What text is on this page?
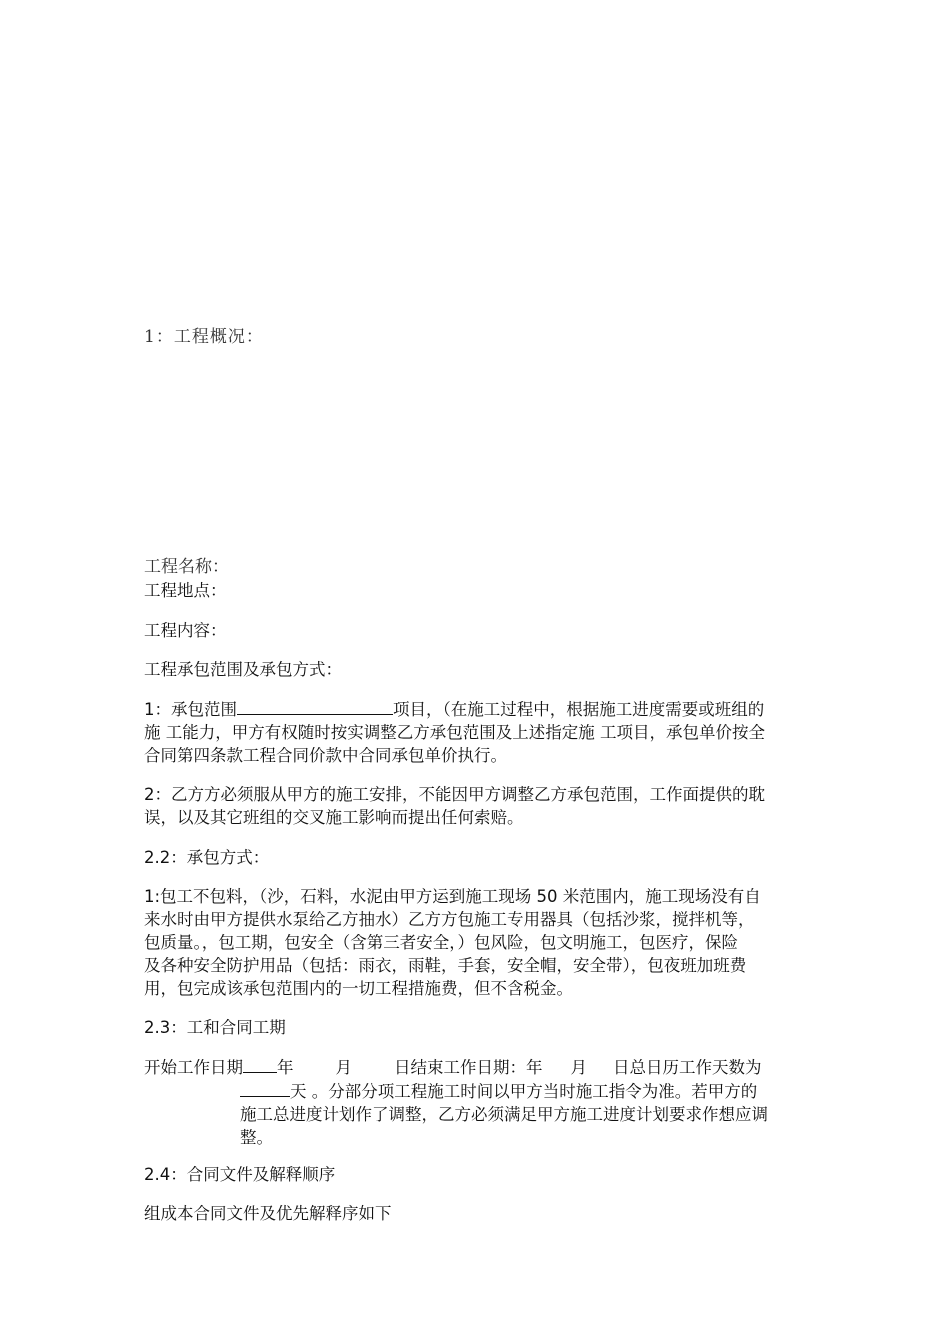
1：工程概况：

工程名称：

工程地点：

工程内容：

工程承包范围及承包方式：

1：承包范围	项目，（在施工过程中，根据施工进度需要或班组的
施 工能力，甲方有权随时按实调整乙方承包范围及上述指定施 工项目，承包单价按全
合同第四条款工程合同价款中合同承包单价执行。
2：乙方方必须服从甲方的施工安排，不能因甲方调整乙方承包范围，工作面提供的耽
误，以及其它班组的交叉施工影响而提出任何索赔。

2.2：承包方式：

1:包工不包料，（沙，石料，水泥由甲方运到施工现场 50 米范围内，施工现场没有自
来水时由甲方提供水泵给乙方抽水）乙方方包施工专用器具（包括沙浆，搅拌机等，
包质量。，包工期，包安全（含第三者安全，）包风险，包文明施工，包医疗，保险
及各种安全防护用品（包括：雨衣，雨鞋，手套，安全帽，安全带），包夜班加班费
用，包完成该承包范围内的一切工程措施费，但不含税金。

2.3：工和合同工期

开始工作日期 年	月	日结束工作日期：年 月 日总日历工作天数为
天 。分部分项工程施工时间以甲方当时施工指令为准。若甲方的
施工总进度计划作了调整，乙方必须满足甲方施工进度计划要求作想应调
整。

2.4：合同文件及解释顺序

组成本合同文件及优先解释序如下
